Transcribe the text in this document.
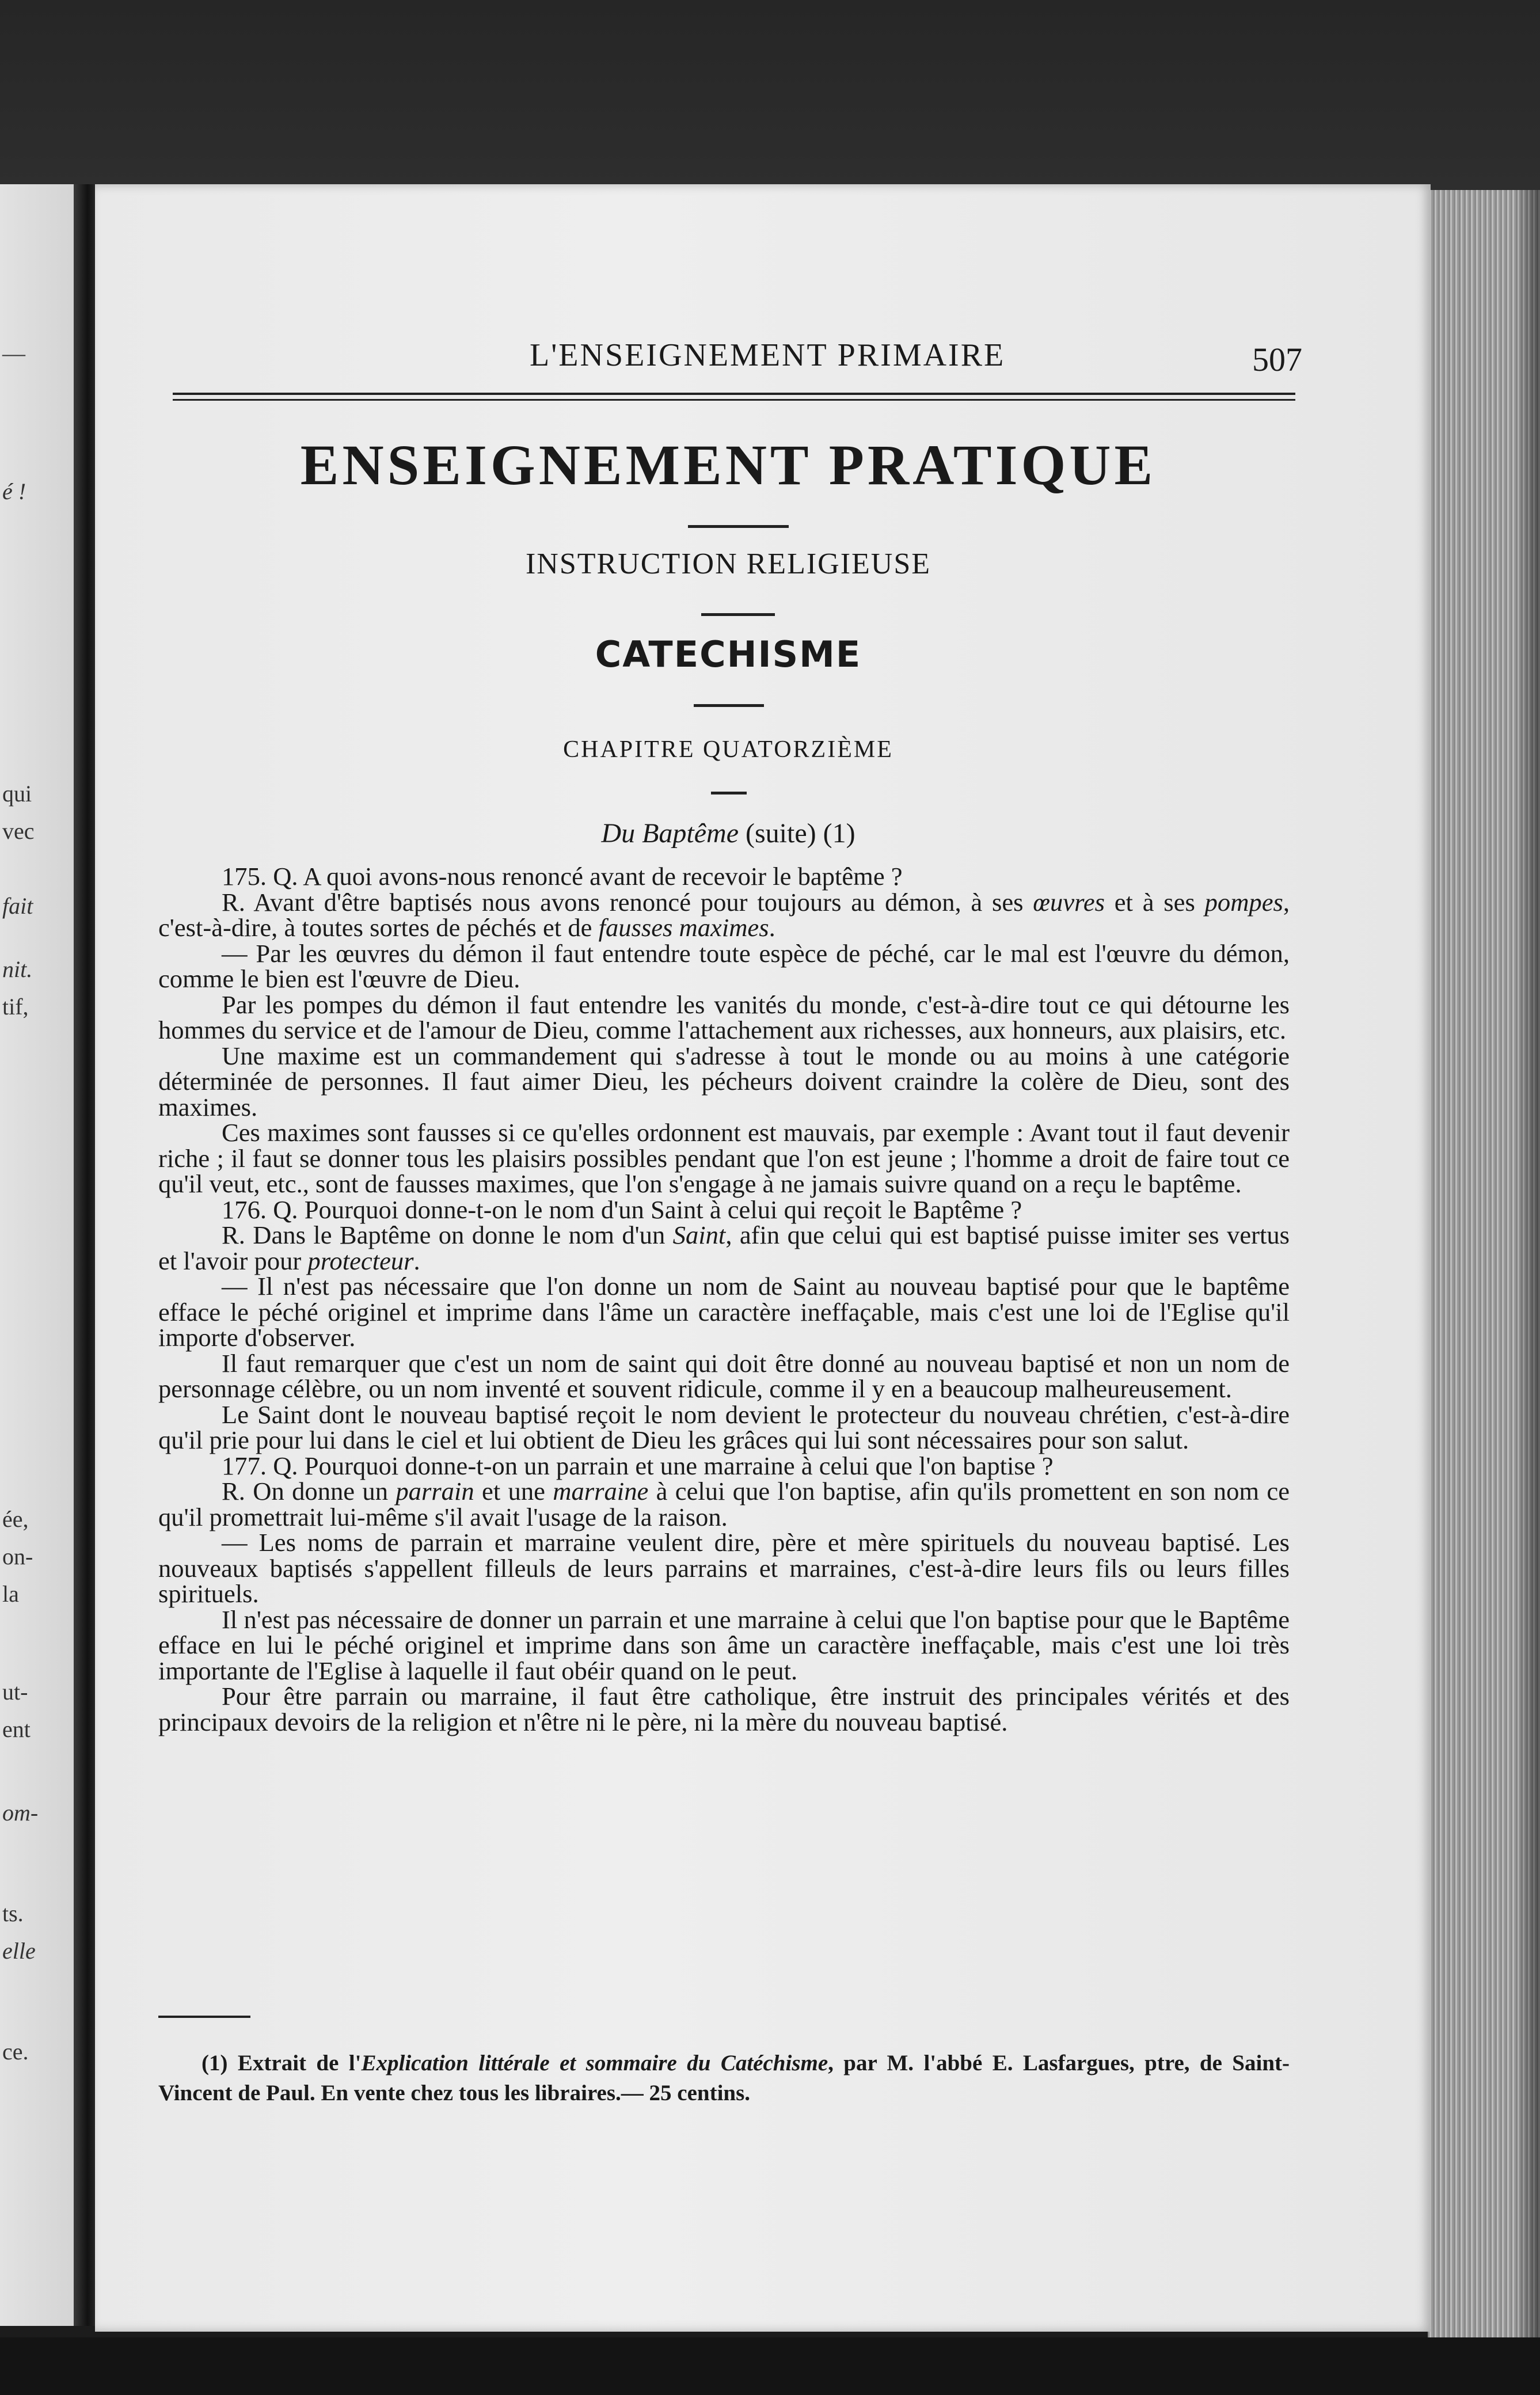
—
é !
qui
vec
fait
nit.
tif,
ée,
on-
la
ut-
ent
om-
ts.
elle
ce.
L'ENSEIGNEMENT PRIMAIRE	507
ENSEIGNEMENT PRATIQUE
INSTRUCTION RELIGIEUSE
CATECHISME
CHAPITRE QUATORZIÈME
Du Baptême (suite) (1)

175. Q. A quoi avons-nous renoncé avant de recevoir le baptême ?

R. Avant d'être baptisés nous avons renoncé pour toujours au démon, à ses œuvres et à ses pompes, c'est-à-dire, à toutes sortes de péchés et de fausses maximes.

— Par les œuvres du démon il faut entendre toute espèce de péché, car le mal est l'œuvre du démon, comme le bien est l'œuvre de Dieu.

Par les pompes du démon il faut entendre les vanités du monde, c'est-à-dire tout ce qui détourne les hommes du service et de l'amour de Dieu, comme l'attachement aux richesses, aux honneurs, aux plaisirs, etc.

Une maxime est un commandement qui s'adresse à tout le monde ou au moins à une catégorie déterminée de personnes. Il faut aimer Dieu, les pécheurs doivent craindre la colère de Dieu, sont des maximes.

Ces maximes sont fausses si ce qu'elles ordonnent est mauvais, par exemple : Avant tout il faut devenir riche ; il faut se donner tous les plaisirs possibles pendant que l'on est jeune ; l'homme a droit de faire tout ce qu'il veut, etc., sont de fausses maximes, que l'on s'engage à ne jamais suivre quand on a reçu le baptême.

176. Q. Pourquoi donne-t-on le nom d'un Saint à celui qui reçoit le Baptême ?

R. Dans le Baptême on donne le nom d'un Saint, afin que celui qui est baptisé puisse imiter ses vertus et l'avoir pour protecteur.

— Il n'est pas nécessaire que l'on donne un nom de Saint au nouveau baptisé pour que le baptême efface le péché originel et imprime dans l'âme un caractère ineffaçable, mais c'est une loi de l'Eglise qu'il importe d'observer.

Il faut remarquer que c'est un nom de saint qui doit être donné au nouveau baptisé et non un nom de personnage célèbre, ou un nom inventé et souvent ridicule, comme il y en a beaucoup malheureusement.

Le Saint dont le nouveau baptisé reçoit le nom devient le protecteur du nouveau chrétien, c'est-à-dire qu'il prie pour lui dans le ciel et lui obtient de Dieu les grâces qui lui sont nécessaires pour son salut.

177. Q. Pourquoi donne-t-on un parrain et une marraine à celui que l'on baptise ?

R. On donne un parrain et une marraine à celui que l'on baptise, afin qu'ils promettent en son nom ce qu'il promettrait lui-même s'il avait l'usage de la raison.

— Les noms de parrain et marraine veulent dire, père et mère spirituels du nouveau baptisé. Les nouveaux baptisés s'appellent filleuls de leurs parrains et marraines, c'est-à-dire leurs fils ou leurs filles spirituels.

Il n'est pas nécessaire de donner un parrain et une marraine à celui que l'on baptise pour que le Baptême efface en lui le péché originel et imprime dans son âme un caractère ineffaçable, mais c'est une loi très importante de l'Eglise à laquelle il faut obéir quand on le peut.

Pour être parrain ou marraine, il faut être catholique, être instruit des principales vérités et des principaux devoirs de la religion et n'être ni le père, ni la mère du nouveau baptisé.

(1) Extrait de l'Explication littérale et sommaire du Catéchisme, par M. l'abbé E. Lasfargues, ptre, de Saint-Vincent de Paul. En vente chez tous les libraires.— 25 centins.
